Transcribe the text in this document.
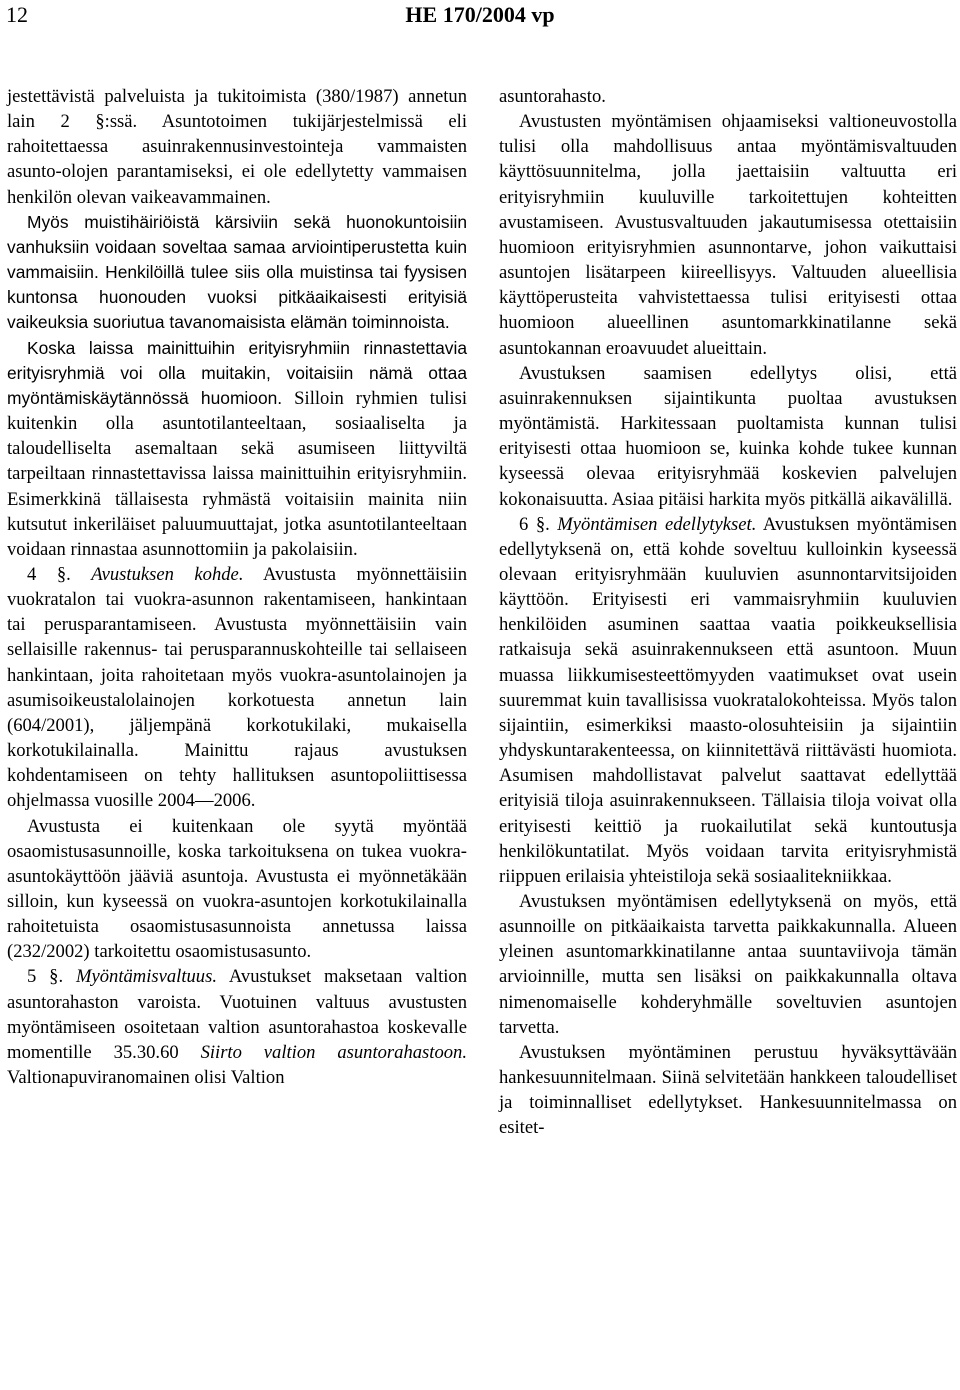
12	HE 170/2004 vp

jestettävistä palveluista ja tukitoimista (380/1987) annetun lain 2 §:ssä. Asuntotoimen tukijärjestelmissä eli rahoitettaessa asuinrakennusinvestointeja vammaisten asunto-olojen parantamiseksi, ei ole edellytetty vammaisen henkilön olevan vaikeavammainen.

Myös muistihäiriöistä kärsiviin sekä huonokuntoisiin vanhuksiin voidaan soveltaa samaa arviointiperustetta kuin vammaisiin. Henkilöillä tulee siis olla muistinsa tai fyysisen kuntonsa huonouden vuoksi pitkäaikaisesti erityisiä vaikeuksia suoriutua tavanomaisista elämän toiminnoista.

Koska laissa mainittuihin erityisryhmiin rinnastettavia erityisryhmiä voi olla muitakin, voitaisiin nämä ottaa myöntämiskäytännössä huomioon. Silloin ryhmien tulisi kuitenkin olla asuntotilanteeltaan, sosiaaliselta ja taloudelliselta asemaltaan sekä asumiseen liittyviltä tarpeiltaan rinnastettavissa laissa mainittuihin erityisryhmiin. Esimerkkinä tällaisesta ryhmästä voitaisiin mainita niin kutsutut inkeriläiset paluumuuttajat, jotka asuntotilanteeltaan voidaan rinnastaa asunnottomiin ja pakolaisiin.

4 §. Avustuksen kohde. Avustusta myönnettäisiin vuokratalon tai vuokra-asunnon rakentamiseen, hankintaan tai perusparantamiseen. Avustusta myönnettäisiin vain sellaisille rakennus- tai perusparannuskohteille tai sellaiseen hankintaan, joita rahoitetaan myös vuokra-asuntolainojen ja asumisoikeustalolainojen korkotuesta annetun lain (604/2001), jäljempänä korkotukilaki, mukaisella korkotukilainalla. Mainittu rajaus avustuksen kohdentamiseen on tehty hallituksen asuntopoliittisessa ohjelmassa vuosille 2004—2006.

Avustusta ei kuitenkaan ole syytä myöntää osaomistusasunnoille, koska tarkoituksena on tukea vuokra-asuntokäyttöön jääviä asuntoja. Avustusta ei myönnetäkään silloin, kun kyseessä on vuokra-asuntojen korkotukilainalla rahoitetuista osaomistusasunnoista annetussa laissa (232/2002) tarkoitettu osaomistusasunto.

5 §. Myöntämisvaltuus. Avustukset maksetaan valtion asuntorahaston varoista. Vuotuinen valtuus avustusten myöntämiseen osoitetaan valtion asuntorahastoa koskevalle momentille 35.30.60 Siirto valtion asuntorahastoon. Valtionapuviranomainen olisi Valtion

asuntorahasto.

Avustusten myöntämisen ohjaamiseksi valtioneuvostolla tulisi olla mahdollisuus antaa myöntämisvaltuuden käyttösuunnitelma, jolla jaettaisiin valtuutta eri erityisryhmiin kuuluville tarkoitettujen kohteitten avustamiseen. Avustusvaltuuden jakautumisessa otettaisiin huomioon erityisryhmien asunnontarve, johon vaikuttaisi asuntojen lisätarpeen kiireellisyys. Valtuuden alueellisia käyttöperusteita vahvistettaessa tulisi erityisesti ottaa huomioon alueellinen asuntomarkkinatilanne sekä asuntokannan eroavuudet alueittain.

Avustuksen saamisen edellytys olisi, että asuinrakennuksen sijaintikunta puoltaa avustuksen myöntämistä. Harkitessaan puoltamista kunnan tulisi erityisesti ottaa huomioon se, kuinka kohde tukee kunnan kyseessä olevaa erityisryhmää koskevien palvelujen kokonaisuutta. Asiaa pitäisi harkita myös pitkällä aikavälillä.

6 §. Myöntämisen edellytykset. Avustuksen myöntämisen edellytyksenä on, että kohde soveltuu kulloinkin kyseessä olevaan erityisryhmään kuuluvien asunnontarvitsijoiden käyttöön. Erityisesti eri vammaisryhmiin kuuluvien henkilöiden asuminen saattaa vaatia poikkeuksellisia ratkaisuja sekä asuinrakennukseen että asuntoon. Muun muassa liikkumisesteettömyyden vaatimukset ovat usein suuremmat kuin tavallisissa vuokratalokohteissa. Myös talon sijaintiin, esimerkiksi maasto-olosuhteisiin ja sijaintiin yhdyskuntarakenteessa, on kiinnitettävä riittävästi huomiota. Asumisen mahdollistavat palvelut saattavat edellyttää erityisiä tiloja asuinrakennukseen. Tällaisia tiloja voivat olla erityisesti keittiö ja ruokailutilat sekä kuntoutusja henkilökuntatilat. Myös voidaan tarvita erityisryhmistä riippuen erilaisia yhteistiloja sekä sosiaalitekniikkaa.

Avustuksen myöntämisen edellytyksenä on myös, että asunnoille on pitkäaikaista tarvetta paikkakunnalla. Alueen yleinen asuntomarkkinatilanne antaa suuntaviivoja tämän arvioinnille, mutta sen lisäksi on paikkakunnalla oltava nimenomaiselle kohderyhmälle soveltuvien asuntojen tarvetta.

Avustuksen myöntäminen perustuu hyväksyttävään hankesuunnitelmaan. Siinä selvitetään hankkeen taloudelliset ja toiminnalliset edellytykset. Hankesuunnitelmassa on esitet-
